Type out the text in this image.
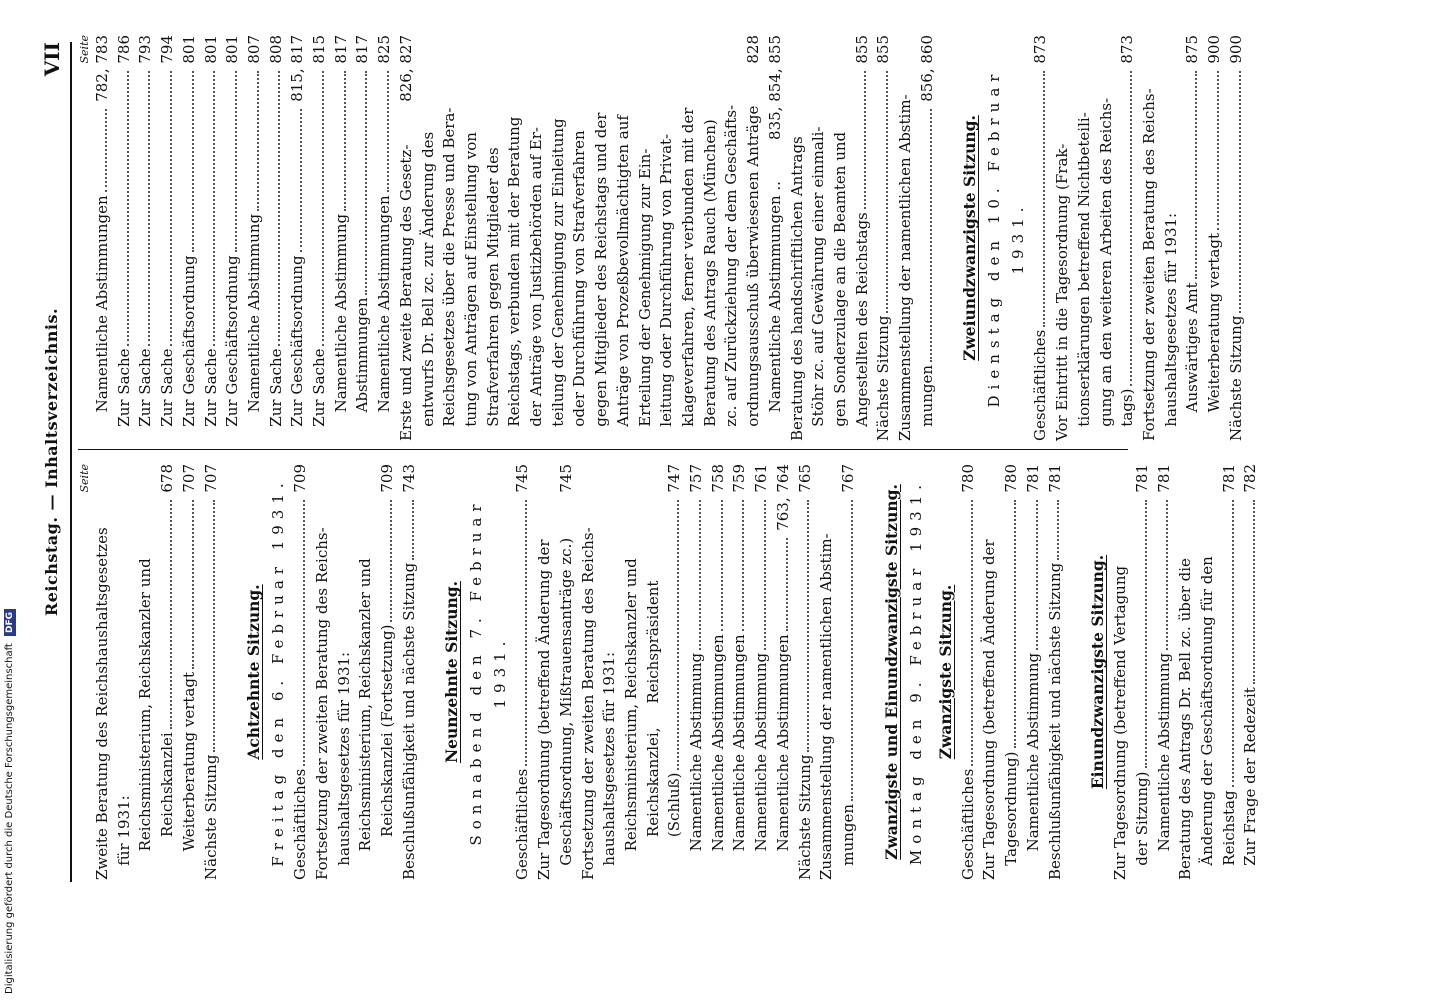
Reichstag. — Inhaltsverzeichnis.
VII
Seite
Zweite Beratung des Reichshaushaltsgesetzes für 1931: Reichsministerium, Reichskanzler und Reichskanzlei
678
Weiterberatung vertagt
707
Nächste Sitzung
707
Achtzehnte Sitzung. Freitag den 6. Februar 1931. Geschäftliches
709
Fortsetzung der zweiten Beratung des Reichs- haushaltsgesetzes für 1931: Reichsministerium, Reichskanzler und Reichskanzlei (Fortsetzung)
709
Beschlußunfähigkeit und nächste Sitzung
743
Neunzehnte Sitzung. Sonnabend den 7. Februar 1931.
Geschäftliches
745
Zur Tagesordnung (betreffend Änderung der Geschäftsordnung, Mißtrauensanträge zc.)
745
Fortsetzung der zweiten Beratung des Reichs- haushaltsgesetzes für 1931: Reichsministerium, Reichskanzler und Reichskanzlei,     Reichspräsident (Schluß)
747
Namentliche Abstimmung
757
Namentliche Abstimmungen
758
Namentliche Abstimmungen
759
Namentliche Abstimmung
761
Namentliche Abstimmungen
763, 764
Nächste Sitzung
765
Zusammenstellung der namentlichen Abstim- mungen
767
Zwanzigste und Einundzwanzigste Sitzung. Montag den 9. Februar 1931. Zwanzigste Sitzung.
Geschäftliches
780
Zur Tagesordnung (betreffend Änderung der Tagesordnung)
780
Namentliche Abstimmung
781
Beschlußunfähigkeit und nächste Sitzung
781
Einundzwanzigste Sitzung. Zur Tagesordnung (betreffend Vertagung der Sitzung)
781
Namentliche Abstimmung
781
Beratung des Antrags Dr. Bell zc. über die Änderung der Geschäftsordnung für den Reichstag
781
Zur Frage der Redezeit
782
Seite
Namentliche Abstimmungen
782, 783
Zur Sache
786
Zur Sache
793
Zur Sache
794
Zur Geschäftsordnung
801
Zur Sache
801
Zur Geschäftsordnung
801
Namentliche Abstimmung
807
Zur Sache
808
Zur Geschäftsordnung
815, 817
Zur Sache
815
Namentliche Abstimmung
817
Abstimmungen
817
Namentliche Abstimmungen
825
Erste und zweite Beratung des Gesetz-
826, 827
entwurfs Dr. Bell zc. zur Änderung des Reichsgesetzes über die Presse und Bera- tung von Anträgen auf Einstellung von Strafverfahren gegen Mitglieder des Reichstags, verbunden mit der Beratung der Anträge von Justizbehörden auf Er- teilung der Genehmigung zur Einleitung oder Durchführung von Strafverfahren gegen Mitglieder des Reichstags und der Anträge von Prozeßbevollmächtigten auf Erteilung der Genehmigung zur Ein- leitung oder Durchführung von Privat- klageverfahren, ferner verbunden mit der Beratung des Antrags Rauch (München) zc. auf Zurückziehung der dem Geschäfts- ordnungsausschuß überwiesenen Anträge
828
Namentliche Abstimmungen ..
835, 854, 855
Beratung des handschriftlichen Antrags Stöhr zc. auf Gewährung einer einmali- gen Sonderzulage an die Beamten und Angestellten des Reichstags
855
Nächste Sitzung
855
Zusammenstellung der namentlichen Abstim- mungen
856, 860
Zweiundzwanzigste Sitzung. Dienstag den 10. Februar 1931.
Geschäftliches
873
Vor Eintritt in die Tagesordnung (Frak- tionserklärungen betreffend Nichtbeteili- gung an den weiteren Arbeiten des Reichs- tags)
873
Fortsetzung der zweiten Beratung des Reichs- haushaltsgesetzes für 1931: Auswärtiges Amt
875
Weiterberatung vertagt
900
Nächste Sitzung
900
Digitalisierung gefördert durch die Deutsche Forschungsgemeinschaft DFG
